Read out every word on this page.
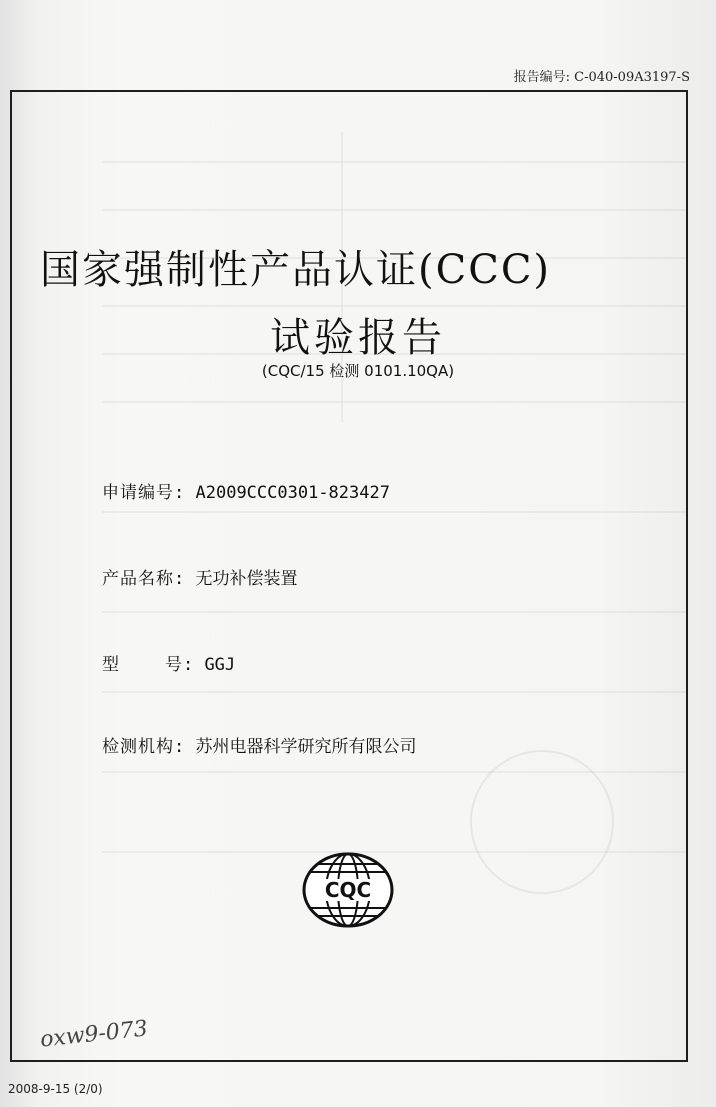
报告编号: C-040-09A3197-S
国家强制性产品认证(CCC)
试验报告
(CQC/15 检测 0101.10QA)
申请编号: A2009CCC0301-823427
产品名称: 无功补偿装置
型    号: GGJ
检测机构: 苏州电器科学研究所有限公司
CQC
oxw9-073
2008-9-15 (2/0)
